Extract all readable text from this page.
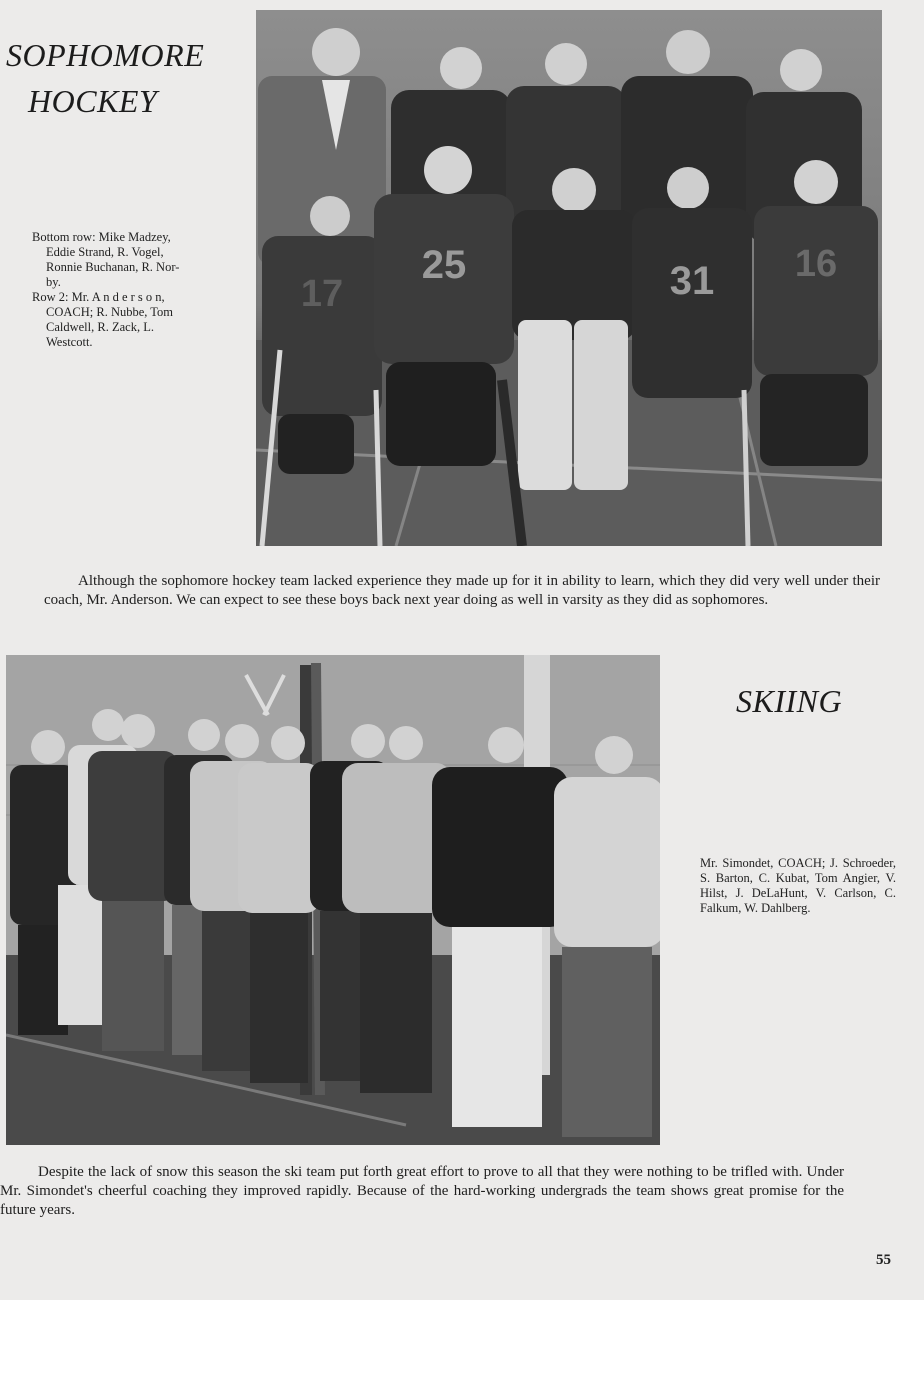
SOPHOMORE
HOCKEY
25	31 16
17

Bottom row: Mike Madzey,
Eddie Strand, R. Vogel,
Ronnie Buchanan, R. Nor-
by.
Row 2: Mr. A n d e r s o n,
COACH; R. Nubbe, Tom
Caldwell, R. Zack, L.
Westcott.

Although the sophomore hockey team lacked experience they made up for it in ability to learn, which they did very well under their coach, Mr. Anderson. We can expect to see these boys back next year doing as well in varsity as they did as sophomores.

SKIING

Mr. Simondet, COACH; J. Schroeder, S. Barton, C. Kubat, Tom Angier, V. Hilst, J. DeLaHunt, V. Carlson, C. Falkum, W. Dahlberg.

Despite the lack of snow this season the ski team put forth great effort to prove to all that they were nothing to be trifled with. Under Mr. Simondet's cheerful coaching they improved rapidly. Because of the hard-working undergrads the team shows great promise for the future years.

55
